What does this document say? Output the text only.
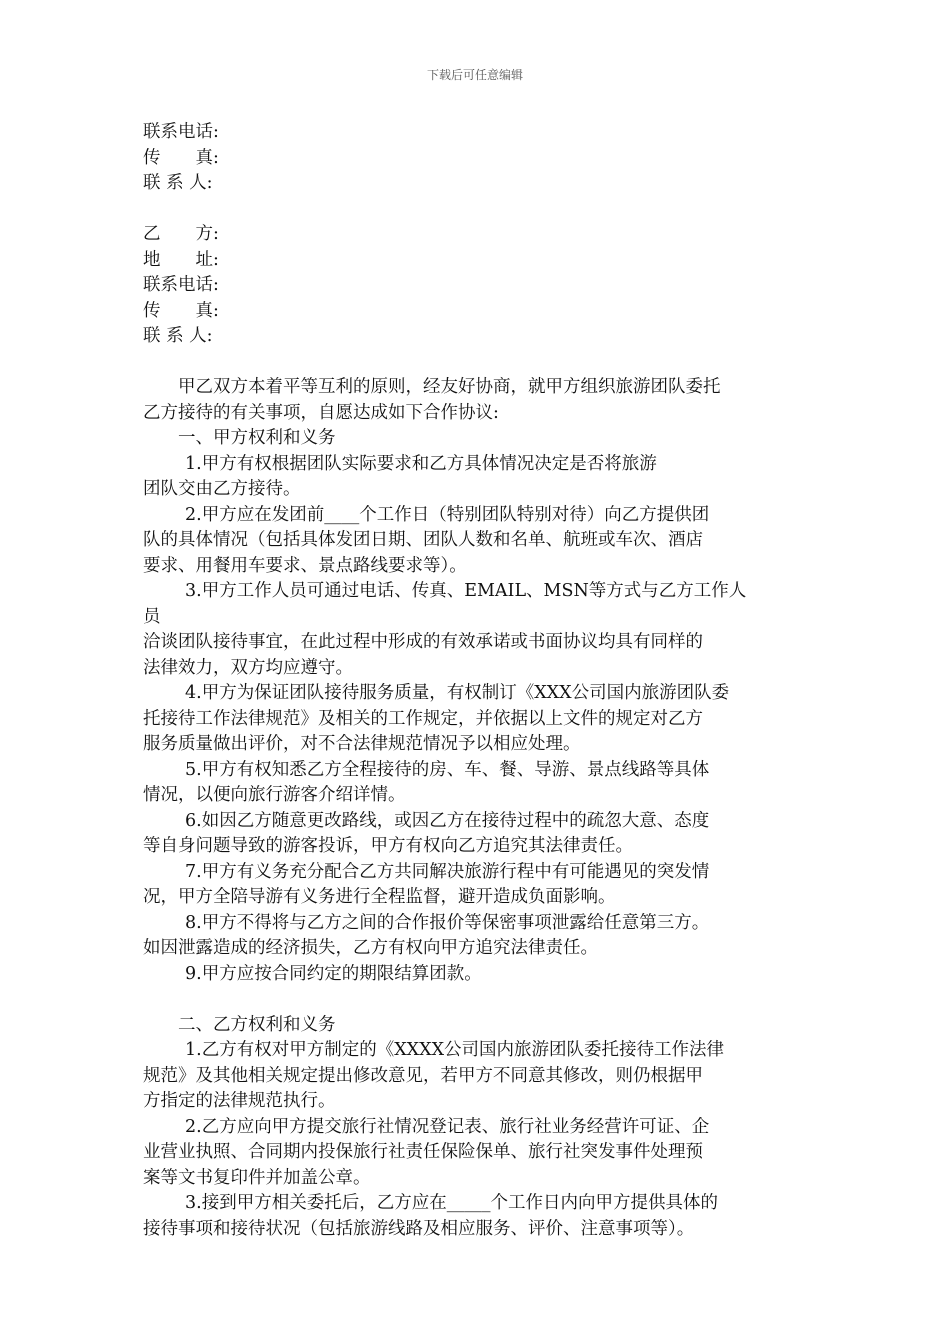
下载后可任意编辑
联系电话:
传　　真:
联 系 人:
乙　　方:
地　　址:
联系电话:
传　　真:
联 系 人:
甲乙双方本着平等互利的原则，经友好协商，就甲方组织旅游团队委托
乙方接待的有关事项，自愿达成如下合作协议:
一、甲方权利和义务
1.甲方有权根据团队实际要求和乙方具体情况决定是否将旅游
团队交由乙方接待。
2.甲方应在发团前____个工作日（特别团队特别对待）向乙方提供团
队的具体情况（包括具体发团日期、团队人数和名单、航班或车次、酒店
要求、用餐用车要求、景点路线要求等）。
3.甲方工作人员可通过电话、传真、EMAIL、MSN等方式与乙方工作人
员
洽谈团队接待事宜，在此过程中形成的有效承诺或书面协议均具有同样的
法律效力，双方均应遵守。
4.甲方为保证团队接待服务质量，有权制订《XXX公司国内旅游团队委
托接待工作法律规范》及相关的工作规定，并依据以上文件的规定对乙方
服务质量做出评价，对不合法律规范情况予以相应处理。
5.甲方有权知悉乙方全程接待的房、车、餐、导游、景点线路等具体
情况，以便向旅行游客介绍详情。
6.如因乙方随意更改路线，或因乙方在接待过程中的疏忽大意、态度
等自身问题导致的游客投诉，甲方有权向乙方追究其法律责任。
7.甲方有义务充分配合乙方共同解决旅游行程中有可能遇见的突发情
况，甲方全陪导游有义务进行全程监督，避开造成负面影响。
8.甲方不得将与乙方之间的合作报价等保密事项泄露给任意第三方。
如因泄露造成的经济损失，乙方有权向甲方追究法律责任。
9.甲方应按合同约定的期限结算团款。
二、乙方权利和义务
1.乙方有权对甲方制定的《XXXX公司国内旅游团队委托接待工作法律
规范》及其他相关规定提出修改意见，若甲方不同意其修改，则仍根据甲
方指定的法律规范执行。
2.乙方应向甲方提交旅行社情况登记表、旅行社业务经营许可证、企
业营业执照、合同期内投保旅行社责任保险保单、旅行社突发事件处理预
案等文书复印件并加盖公章。
3.接到甲方相关委托后，乙方应在_____个工作日内向甲方提供具体的
接待事项和接待状况（包括旅游线路及相应服务、评价、注意事项等）。
